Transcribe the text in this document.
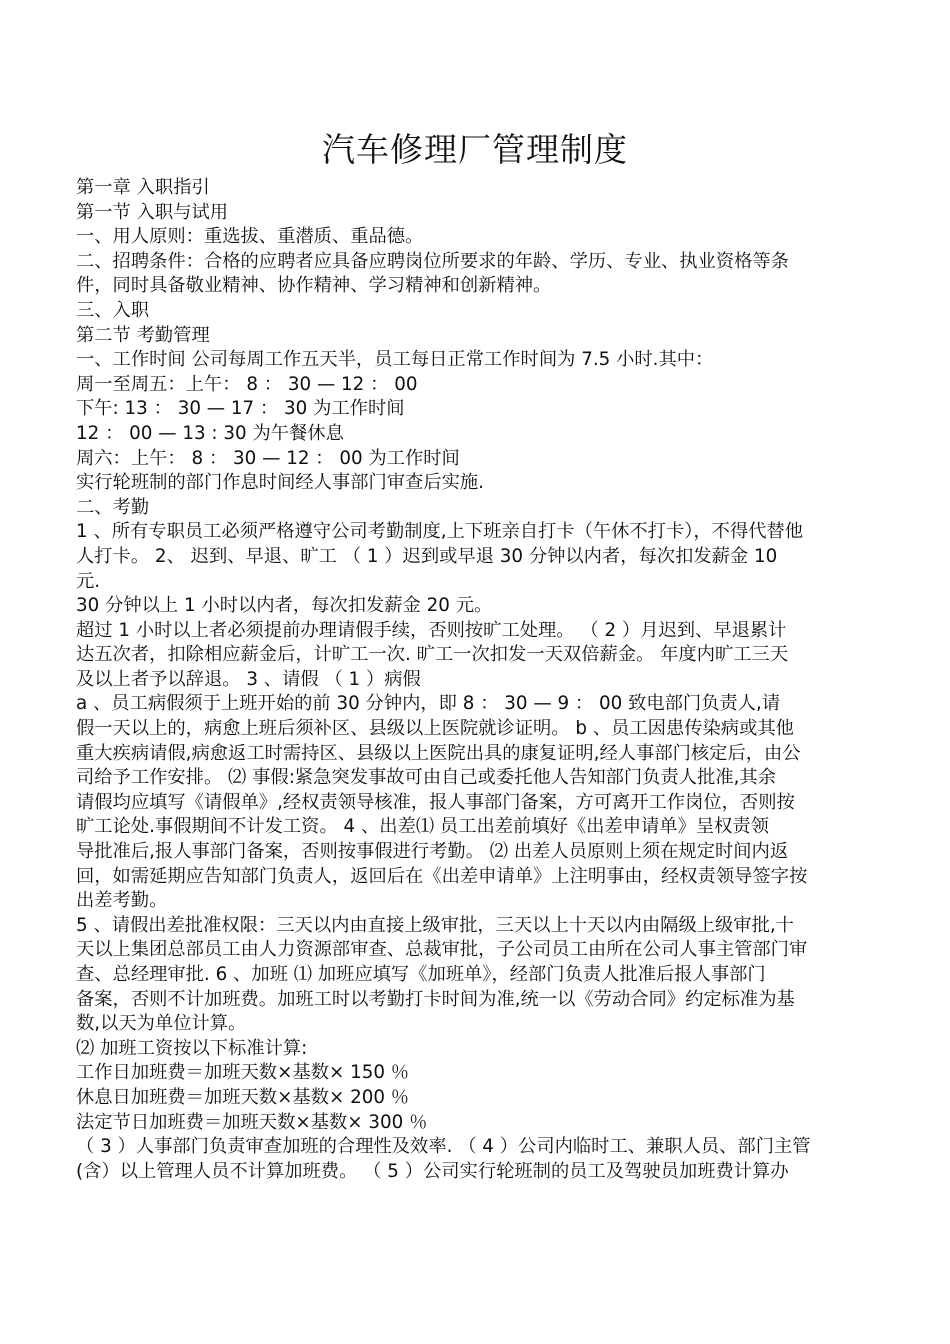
汽车修理厂管理制度

第一章 入职指引

第一节 入职与试用

一、用人原则：重选拔、重潜质、重品德。

二、招聘条件：合格的应聘者应具备应聘岗位所要求的年龄、学历、专业、执业资格等条

件，同时具备敬业精神、协作精神、学习精神和创新精神。

三、入职

第二节 考勤管理

一、工作时间 公司每周工作五天半，员工每日正常工作时间为 7.5 小时.其中：

周一至周五：上午： 8 ： 30 — 12 ： 00

下午: 13 ： 30 — 17 ： 30 为工作时间

12 ： 00 — 13 : 30 为午餐休息

周六：上午： 8 ： 30 — 12 ： 00 为工作时间

实行轮班制的部门作息时间经人事部门审查后实施.

二、考勤

1 、所有专职员工必须严格遵守公司考勤制度,上下班亲自打卡（午休不打卡），不得代替他

人打卡。 2、 迟到、早退、旷工 （ 1 ）迟到或早退 30 分钟以内者，每次扣发薪金 10

元.

30 分钟以上 1 小时以内者，每次扣发薪金 20 元。

超过 1 小时以上者必须提前办理请假手续，否则按旷工处理。 （ 2 ）月迟到、早退累计

达五次者，扣除相应薪金后，计旷工一次. 旷工一次扣发一天双倍薪金。 年度内旷工三天

及以上者予以辞退。 3 、请假 （ 1 ）病假

a 、员工病假须于上班开始的前 30 分钟内，即 8 ： 30 — 9 ： 00 致电部门负责人,请

假一天以上的，病愈上班后须补区、县级以上医院就诊证明。 b 、员工因患传染病或其他

重大疾病请假,病愈返工时需持区、县级以上医院出具的康复证明,经人事部门核定后，由公

司给予工作安排。 ⑵ 事假:紧急突发事故可由自己或委托他人告知部门负责人批准,其余

请假均应填写《请假单》,经权责领导核准，报人事部门备案，方可离开工作岗位，否则按

旷工论处.事假期间不计发工资。 4 、出差⑴ 员工出差前填好《出差申请单》呈权责领

导批准后,报人事部门备案，否则按事假进行考勤。 ⑵ 出差人员原则上须在规定时间内返

回，如需延期应告知部门负责人，返回后在《出差申请单》上注明事由，经权责领导签字按

出差考勤。

5 、请假出差批准权限：三天以内由直接上级审批，三天以上十天以内由隔级上级审批,十

天以上集团总部员工由人力资源部审查、总裁审批，子公司员工由所在公司人事主管部门审

查、总经理审批. 6 、加班 ⑴ 加班应填写《加班单》，经部门负责人批准后报人事部门

备案，否则不计加班费。加班工时以考勤打卡时间为准,统一以《劳动合同》约定标准为基

数,以天为单位计算。

⑵ 加班工资按以下标准计算:

工作日加班费＝加班天数×基数× 150 ％

休息日加班费＝加班天数×基数× 200 ％

法定节日加班费＝加班天数×基数× 300 ％

（ 3 ）人事部门负责审查加班的合理性及效率. （ 4 ）公司内临时工、兼职人员、部门主管

(含）以上管理人员不计算加班费。 （ 5 ）公司实行轮班制的员工及驾驶员加班费计算办
